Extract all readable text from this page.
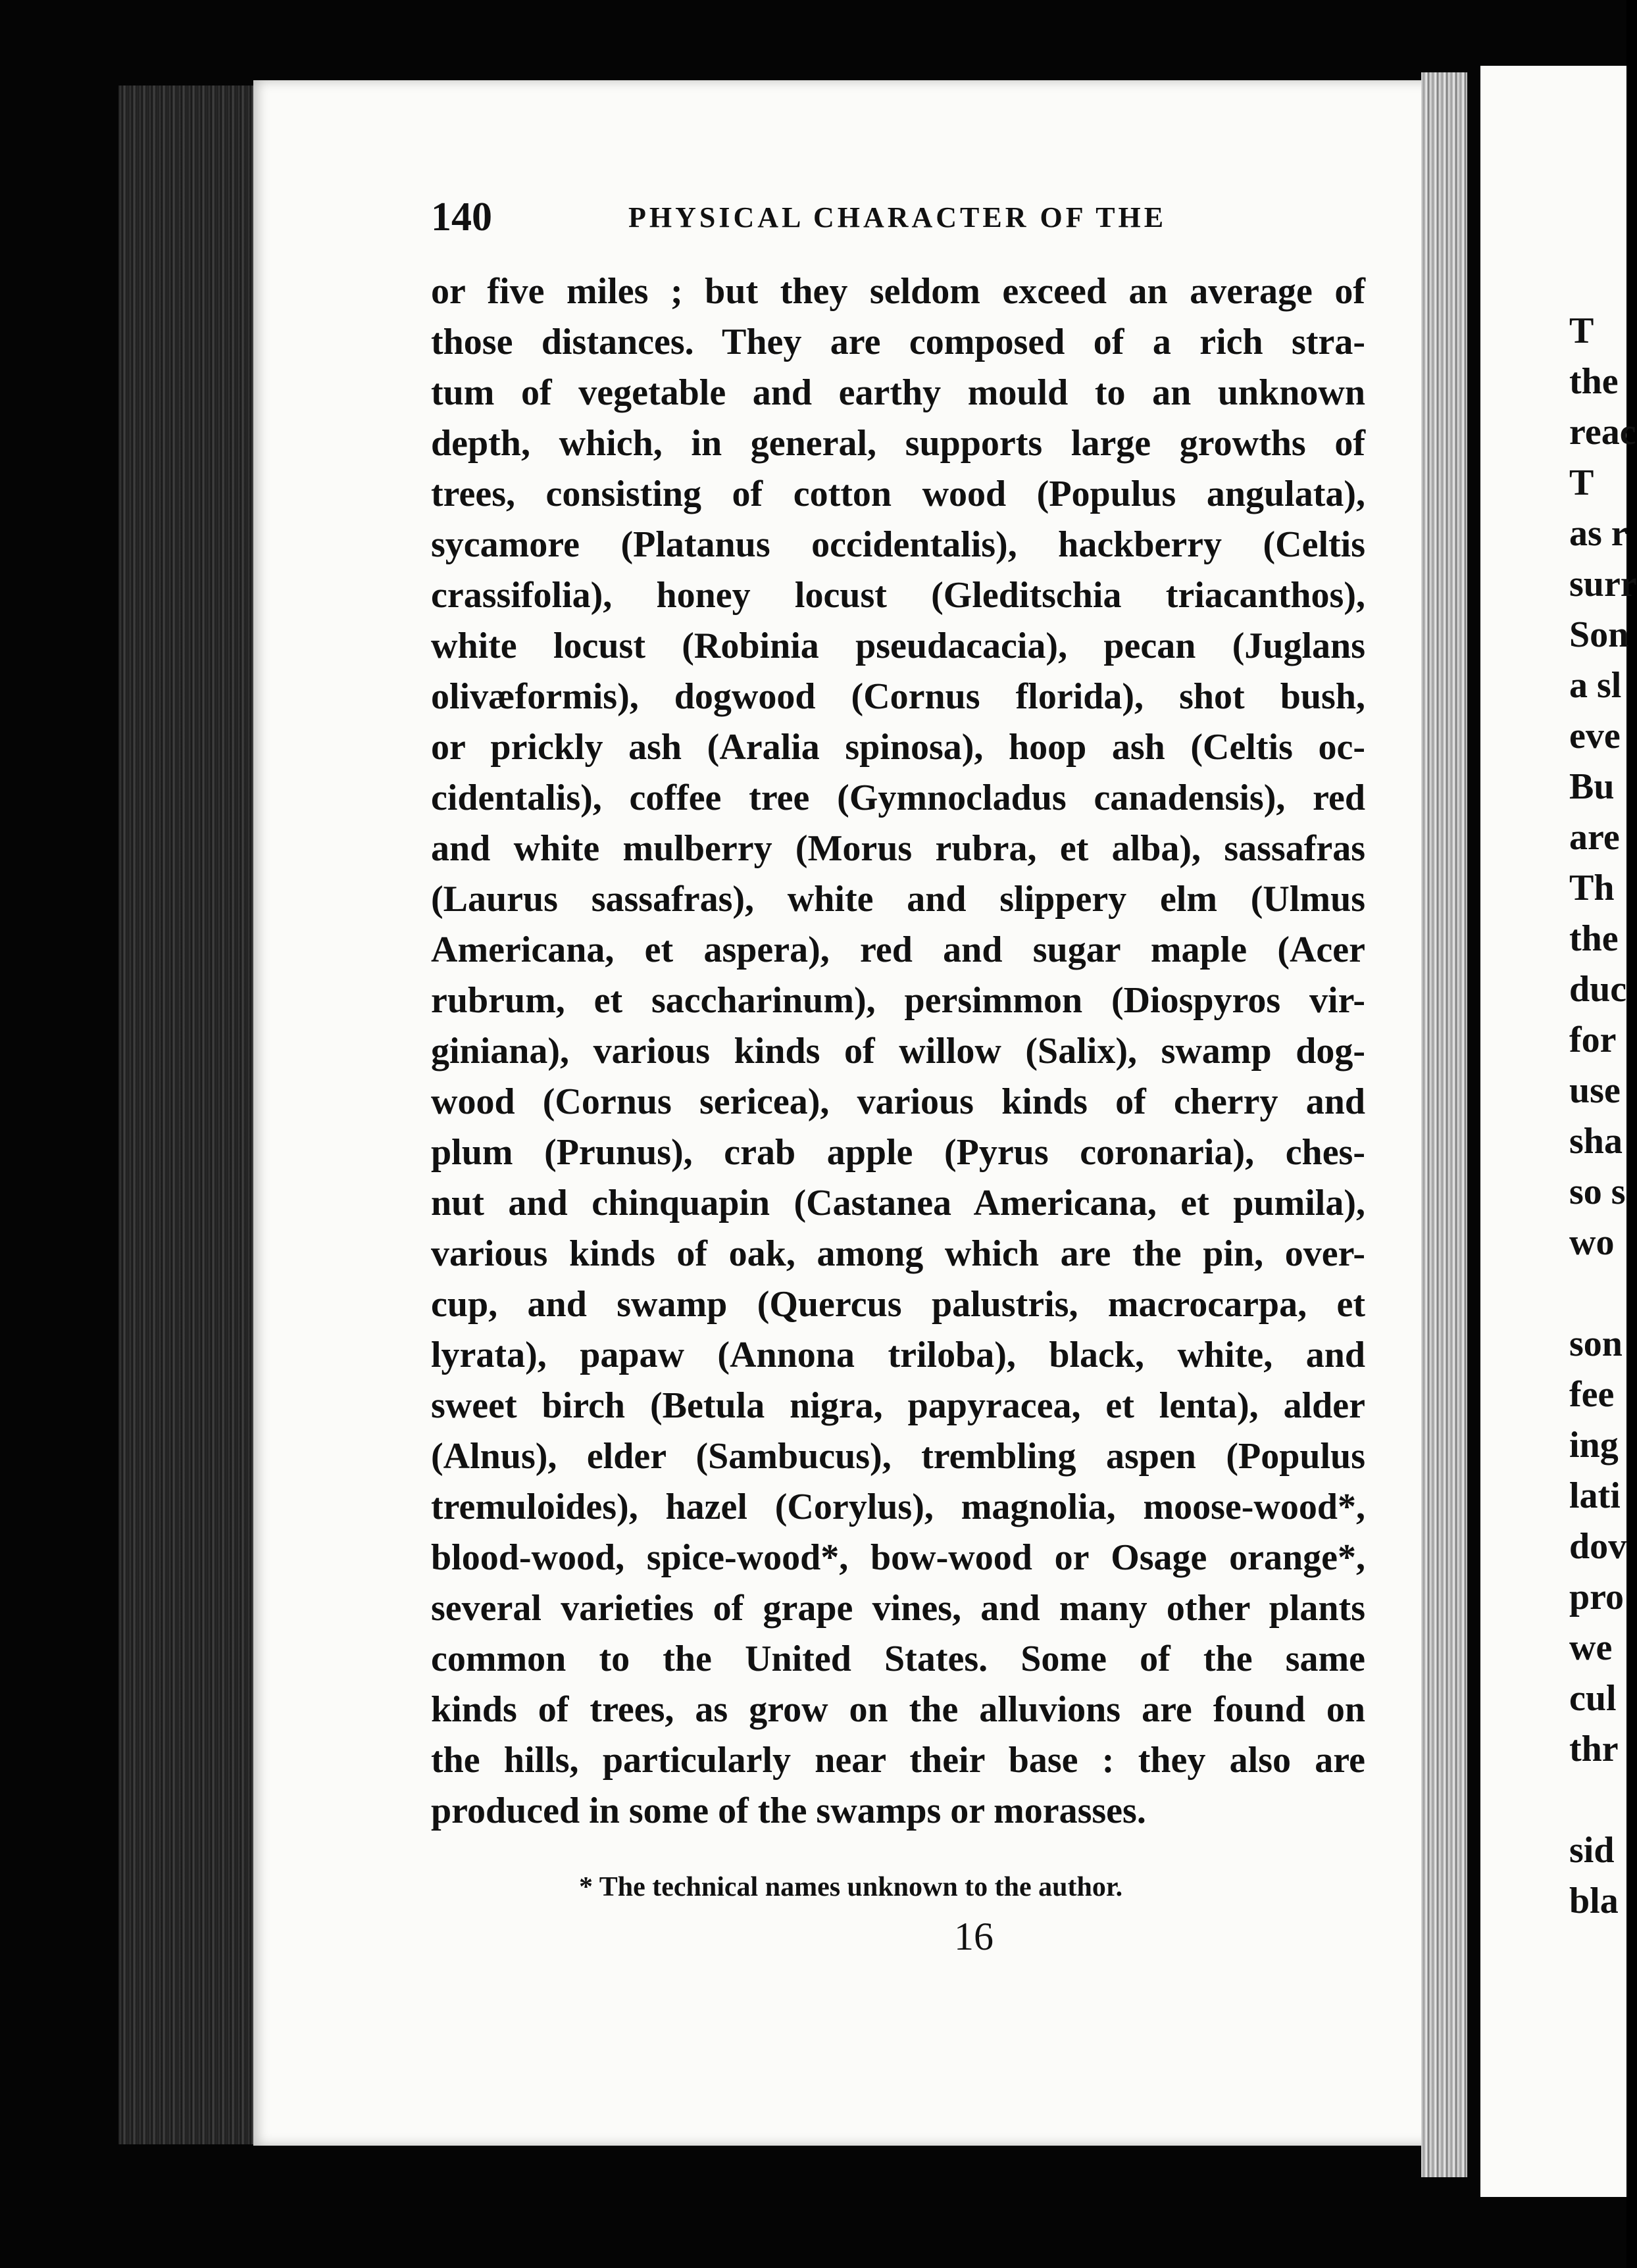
140	PHYSICAL CHARACTER OF THE
or five miles ; but they seldom exceed an average of
those distances. They are composed of a rich stra-
tum of vegetable and earthy mould to an unknown
depth, which, in general, supports large growths of
trees, consisting of cotton wood (Populus angulata),
sycamore (Platanus occidentalis), hackberry (Celtis
crassifolia), honey locust (Gleditschia triacanthos),
white locust (Robinia pseudacacia), pecan (Juglans
olivæformis), dogwood (Cornus florida), shot bush,
or prickly ash (Aralia spinosa), hoop ash (Celtis oc-
cidentalis), coffee tree (Gymnocladus canadensis), red
and white mulberry (Morus rubra, et alba), sassafras
(Laurus sassafras), white and slippery elm (Ulmus
Americana, et aspera), red and sugar maple (Acer
rubrum, et saccharinum), persimmon (Diospyros vir-
giniana), various kinds of willow (Salix), swamp dog-
wood (Cornus sericea), various kinds of cherry and
plum (Prunus), crab apple (Pyrus coronaria), ches-
nut and chinquapin (Castanea Americana, et pumila),
various kinds of oak, among which are the pin, over-
cup, and swamp (Quercus palustris, macrocarpa, et
lyrata), papaw (Annona triloba), black, white, and
sweet birch (Betula nigra, papyracea, et lenta), alder
(Alnus), elder (Sambucus), trembling aspen (Populus
tremuloides), hazel (Corylus), magnolia, moose-wood*,
blood-wood, spice-wood*, bow-wood or Osage orange*,
several varieties of grape vines, and many other plants
common to the United States. Some of the same
kinds of trees, as grow on the alluvions are found on
the hills, particularly near their base : they also are
produced in some of the swamps or morasses.
* The technical names unknown to the author.
16
T
the
reac
T
as r
surr
Son
a sl
eve
Bu
are
Th
the
duc
for
use
sha
so s
wo
son
fee
ing
lati
dov
pro
we
cul
thr
sid
bla
